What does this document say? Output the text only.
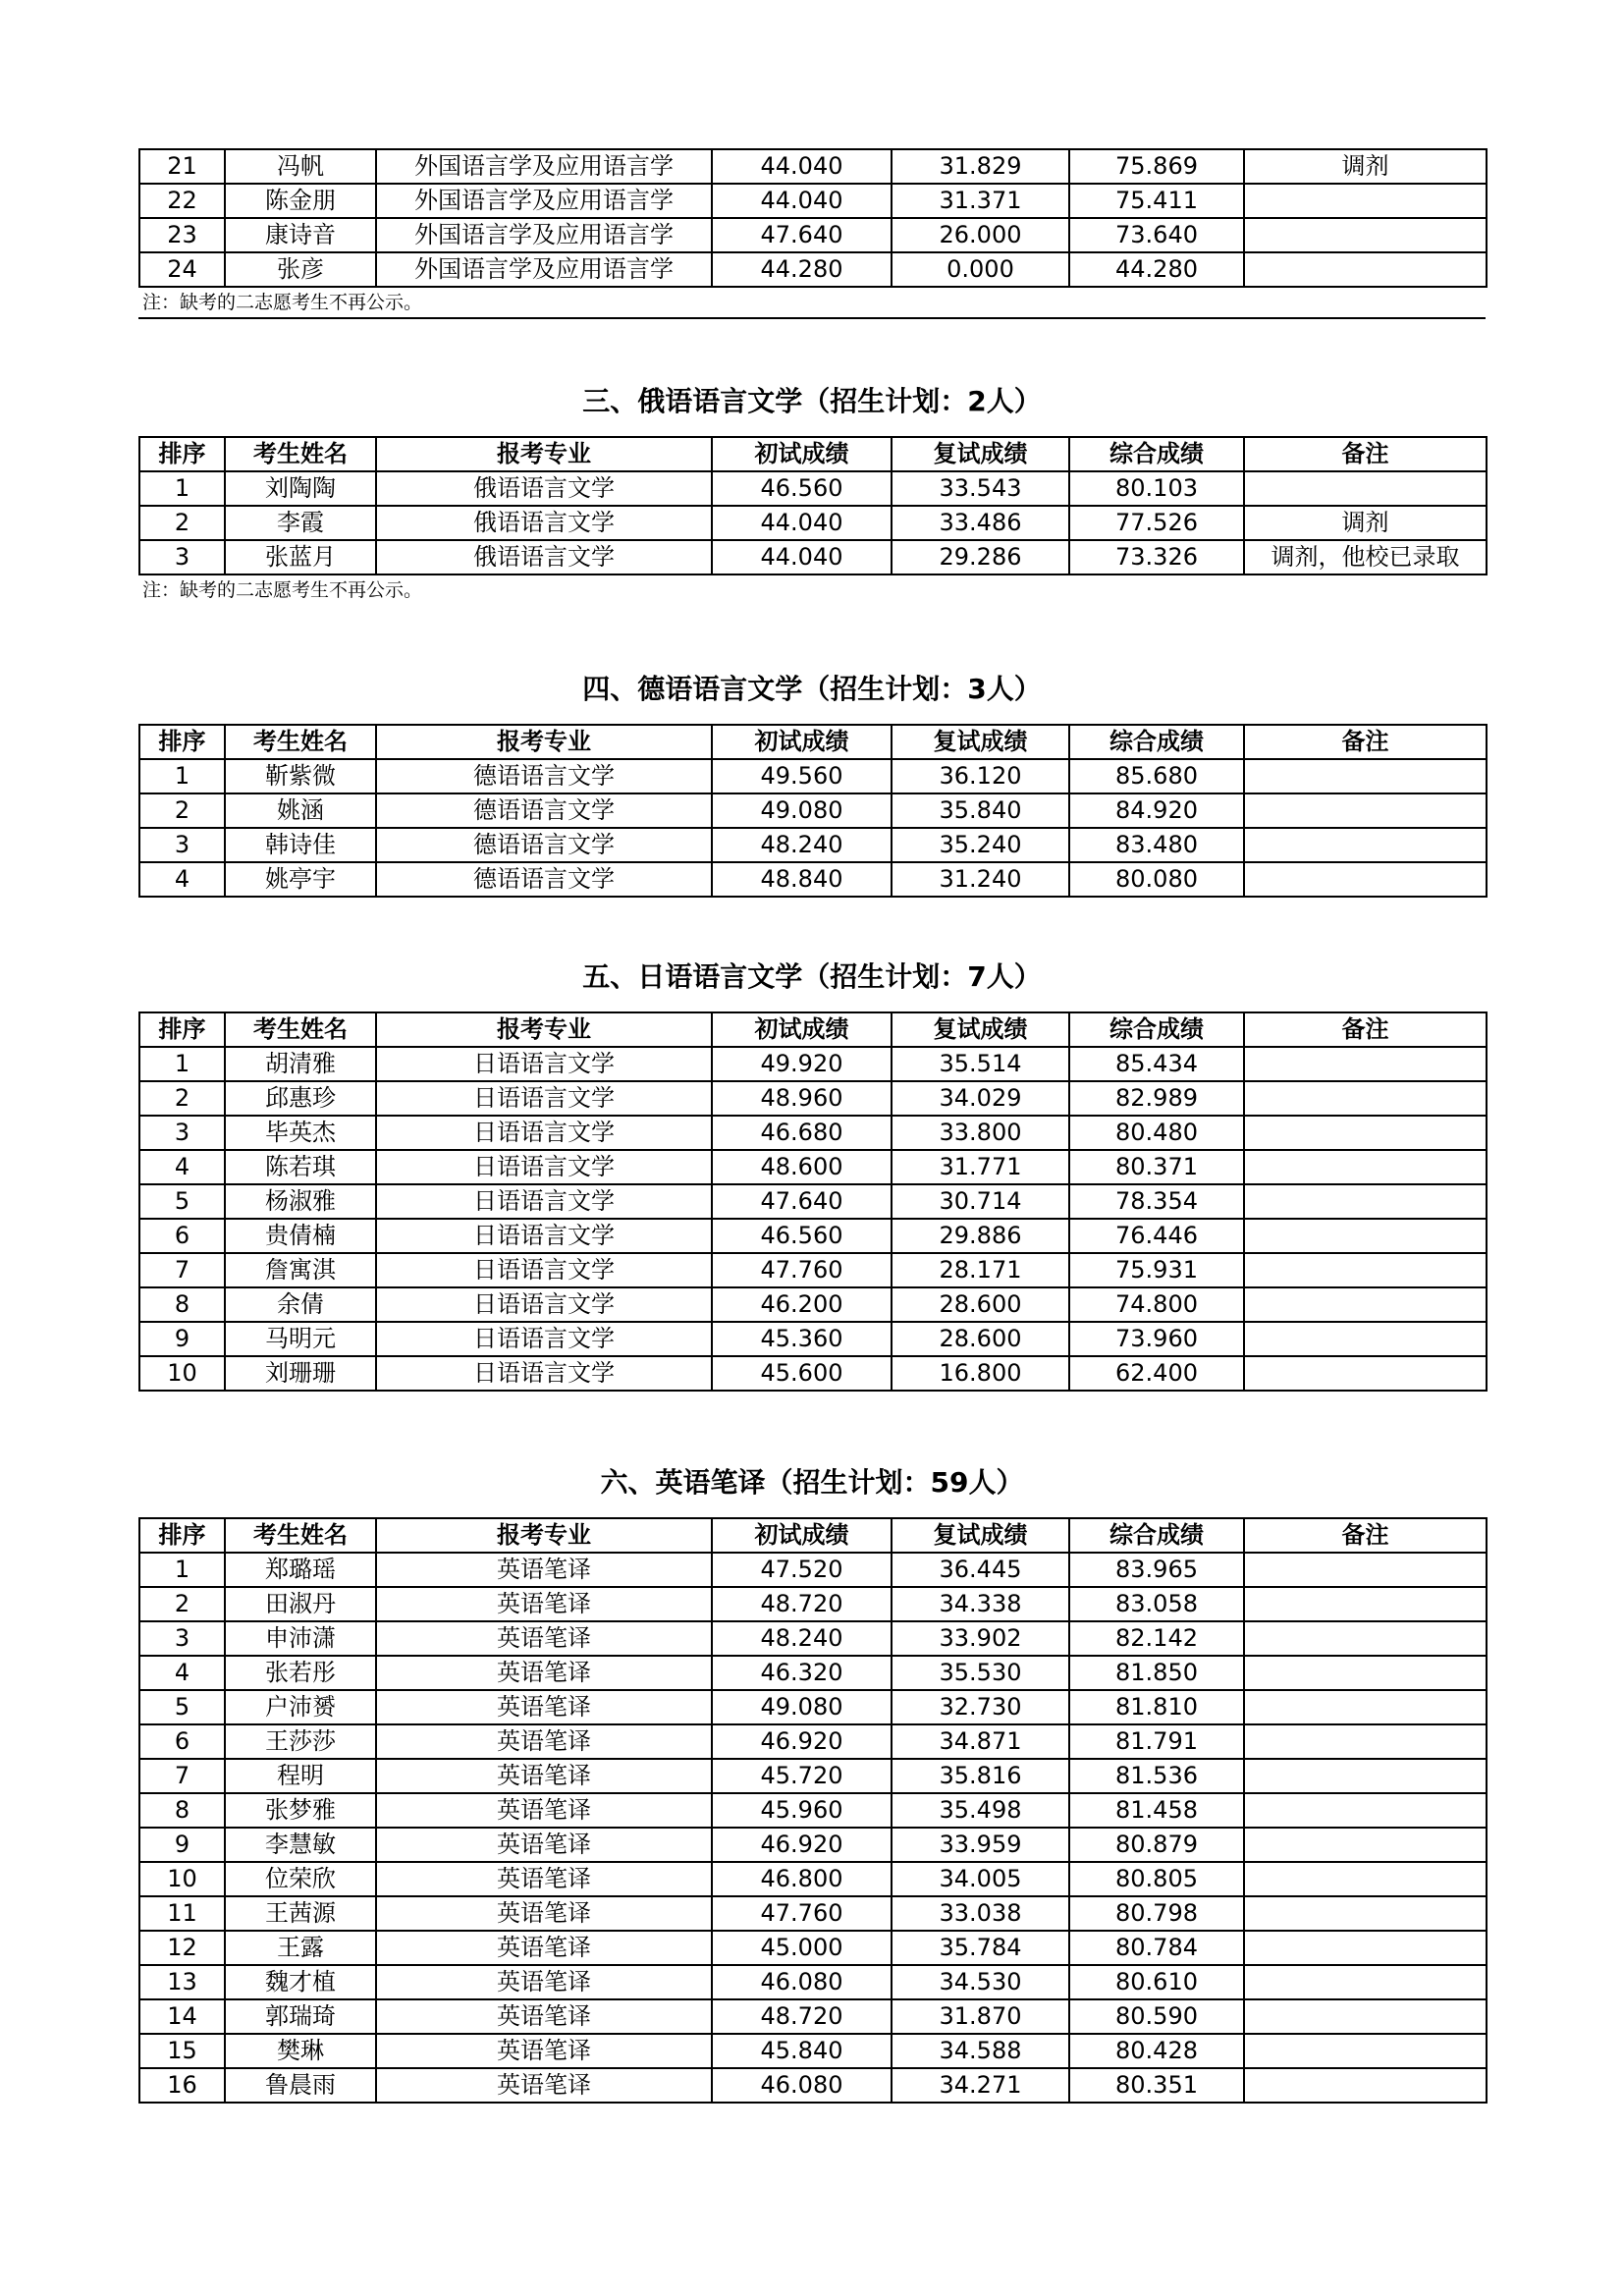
21	冯帆	外国语言学及应用语言学	44.040	31.829	75.869	调剂
22	陈金朋	外国语言学及应用语言学	44.040	31.371	75.411	
23	康诗音	外国语言学及应用语言学	47.640	26.000	73.640	
24	张彦	外国语言学及应用语言学	44.280	0.000	44.280	
注：缺考的二志愿考生不再公示。
三、俄语语言文学（招生计划：2人）
排序	考生姓名	报考专业	初试成绩	复试成绩	综合成绩	备注
1	刘陶陶	俄语语言文学	46.560	33.543	80.103	
2	李霞	俄语语言文学	44.040	33.486	77.526	调剂
3	张蓝月	俄语语言文学	44.040	29.286	73.326	调剂，他校已录取
注：缺考的二志愿考生不再公示。
四、德语语言文学（招生计划：3人）
排序	考生姓名	报考专业	初试成绩	复试成绩	综合成绩	备注
1	靳紫微	德语语言文学	49.560	36.120	85.680	
2	姚涵	德语语言文学	49.080	35.840	84.920	
3	韩诗佳	德语语言文学	48.240	35.240	83.480	
4	姚亭宇	德语语言文学	48.840	31.240	80.080	
五、日语语言文学（招生计划：7人）
排序	考生姓名	报考专业	初试成绩	复试成绩	综合成绩	备注
1	胡清雅	日语语言文学	49.920	35.514	85.434	
2	邱惠珍	日语语言文学	48.960	34.029	82.989	
3	毕英杰	日语语言文学	46.680	33.800	80.480	
4	陈若琪	日语语言文学	48.600	31.771	80.371	
5	杨淑雅	日语语言文学	47.640	30.714	78.354	
6	贵倩楠	日语语言文学	46.560	29.886	76.446	
7	詹寓淇	日语语言文学	47.760	28.171	75.931	
8	余倩	日语语言文学	46.200	28.600	74.800	
9	马明元	日语语言文学	45.360	28.600	73.960	
10	刘珊珊	日语语言文学	45.600	16.800	62.400	
六、英语笔译（招生计划：59人）
排序	考生姓名	报考专业	初试成绩	复试成绩	综合成绩	备注
1	郑璐瑶	英语笔译	47.520	36.445	83.965	
2	田淑丹	英语笔译	48.720	34.338	83.058	
3	申沛潇	英语笔译	48.240	33.902	82.142	
4	张若彤	英语笔译	46.320	35.530	81.850	
5	户沛赟	英语笔译	49.080	32.730	81.810	
6	王莎莎	英语笔译	46.920	34.871	81.791	
7	程明	英语笔译	45.720	35.816	81.536	
8	张梦雅	英语笔译	45.960	35.498	81.458	
9	李慧敏	英语笔译	46.920	33.959	80.879	
10	位荣欣	英语笔译	46.800	34.005	80.805	
11	王茜源	英语笔译	47.760	33.038	80.798	
12	王露	英语笔译	45.000	35.784	80.784	
13	魏才植	英语笔译	46.080	34.530	80.610	
14	郭瑞琦	英语笔译	48.720	31.870	80.590	
15	樊琳	英语笔译	45.840	34.588	80.428	
16	鲁晨雨	英语笔译	46.080	34.271	80.351	
